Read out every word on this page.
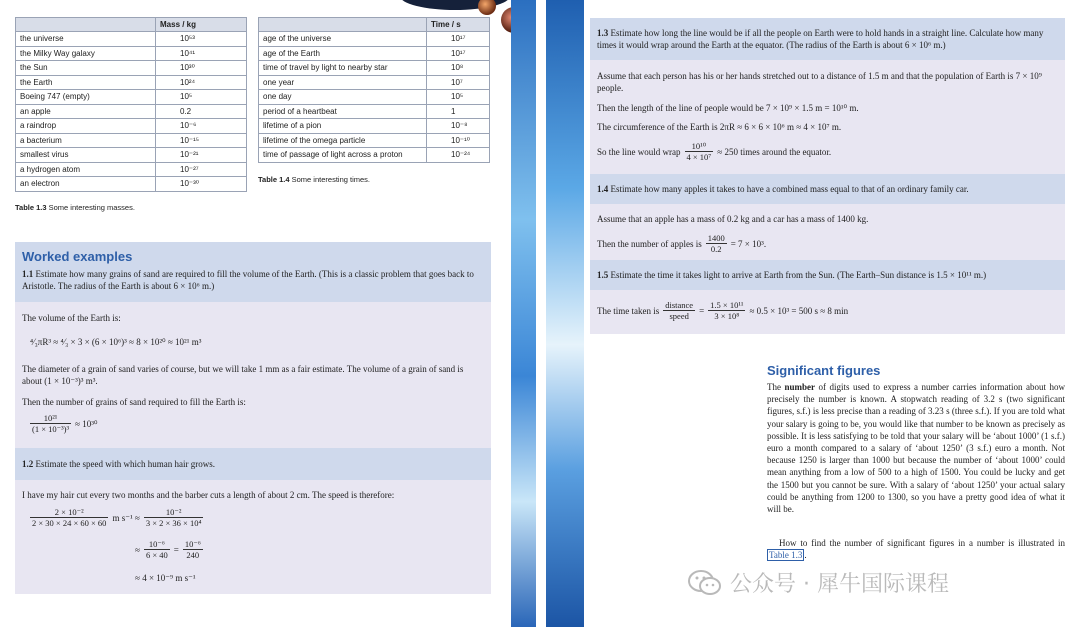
	Mass / kg
the universe	10⁵³
the Milky Way galaxy	10⁴¹
the Sun	10³⁰
the Earth	10²⁴
Boeing 747 (empty)	10⁵
an apple	0.2
a raindrop	10⁻⁶
a bacterium	10⁻¹⁵
smallest virus	10⁻²¹
a hydrogen atom	10⁻²⁷
an electron	10⁻³⁰
Table 1.3 Some interesting masses.
	Time / s
age of the universe	10¹⁷
age of the Earth	10¹⁷
time of travel by light to nearby star	10⁸
one year	10⁷
one day	10⁵
period of a heartbeat	1
lifetime of a pion	10⁻⁸
lifetime of the omega particle	10⁻¹⁰
time of passage of light across a proton	10⁻²⁴
Table 1.4 Some interesting times.
Worked examples
1.1 Estimate how many grains of sand are required to fill the volume of the Earth. (This is a classic problem that goes back to Aristotle. The radius of the Earth is about 6 × 10⁶ m.)
The volume of the Earth is:
⁴⁄₃πR³ ≈ ⁴⁄₃ × 3 × (6 × 10⁶)³ ≈ 8 × 10²⁰ ≈ 10²¹ m³
The diameter of a grain of sand varies of course, but we will take 1 mm as a fair estimate. The volume of a grain of sand is about (1 × 10⁻³)³ m³.
Then the number of grains of sand required to fill the Earth is:
$\frac{\text{10²¹}}{\text{(1 × 10⁻³)³}} \approx 10^{30}$
1.2 Estimate the speed with which human hair grows.
I have my hair cut every two months and the barber cuts a length of about 2 cm. The speed is therefore:
$\frac{\text{2 × 10⁻²}}{2 \times 30 \times 24 \times 60 \times 60}$ m $s^{-1} \approx \frac{\text{10⁻²}}{\text{3 × 2 × 36 × 10⁴}}$
≈ $\frac{\text{10⁻⁶}}{6 \times 40} = \frac{\text{10⁻⁶}}{240}$
≈ 4 × 10⁻⁹ m s⁻¹
1.3 Estimate how long the line would be if all the people on Earth were to hold hands in a straight line. Calculate how many times it would wrap around the Earth at the equator. (The radius of the Earth is about 6 × 10⁶ m.)
Assume that each person has his or her hands stretched out to a distance of 1.5 m and that the population of Earth is 7 × 10⁹ people.
Then the length of the line of people would be 7 × 10⁹ × 1.5 m = 10¹⁰ m.
The circumference of the Earth is 2πR ≈ 6 × 6 × 10⁶ m ≈ 4 × 10⁷ m.
So the line would wrap $\frac{\text{10¹⁰}}{\text{4 × 10⁷}} \approx 250$ times around the equator.
1.4 Estimate how many apples it takes to have a combined mass equal to that of an ordinary family car.
Assume that an apple has a mass of 0.2 kg and a car has a mass of 1400 kg.
Then the number of apples is $\frac{1400}{0.2} = 7 \times 10^3$.
1.5 Estimate the time it takes light to arrive at Earth from the Sun. (The Earth–Sun distance is 1.5 × 10¹¹ m.)
The time taken is $\frac{\text{distance}}{\text{speed}} = \frac{\text{1.5 × 10¹¹}}{\text{3 × 10⁸}} \approx 0.5 \times 10^3 = 500$ s ≈ 8 min
Significant figures
The number of digits used to express a number carries information about how precisely the number is known. A stopwatch reading of 3.2 s (two significant figures, s.f.) is less precise than a reading of 3.23 s (three s.f.). If you are told what your salary is going to be, you would like that number to be known as precisely as possible. It is less satisfying to be told that your salary will be ‘about 1000’ (1 s.f.) euro a month compared to a salary of ‘about 1250’ (3 s.f.) euro a month. Not because 1250 is larger than 1000 but because the number of ‘about 1000’ could mean anything from a low of 500 to a high of 1500. You could be lucky and get the 1500 but you cannot be sure. With a salary of ‘about 1250’ your actual salary could be anything from 1200 to 1300, so you have a pretty good idea of what it will be.
How to find the number of significant figures in a number is illustrated in Table 1.3 .
公众号 · 犀牛国际课程
